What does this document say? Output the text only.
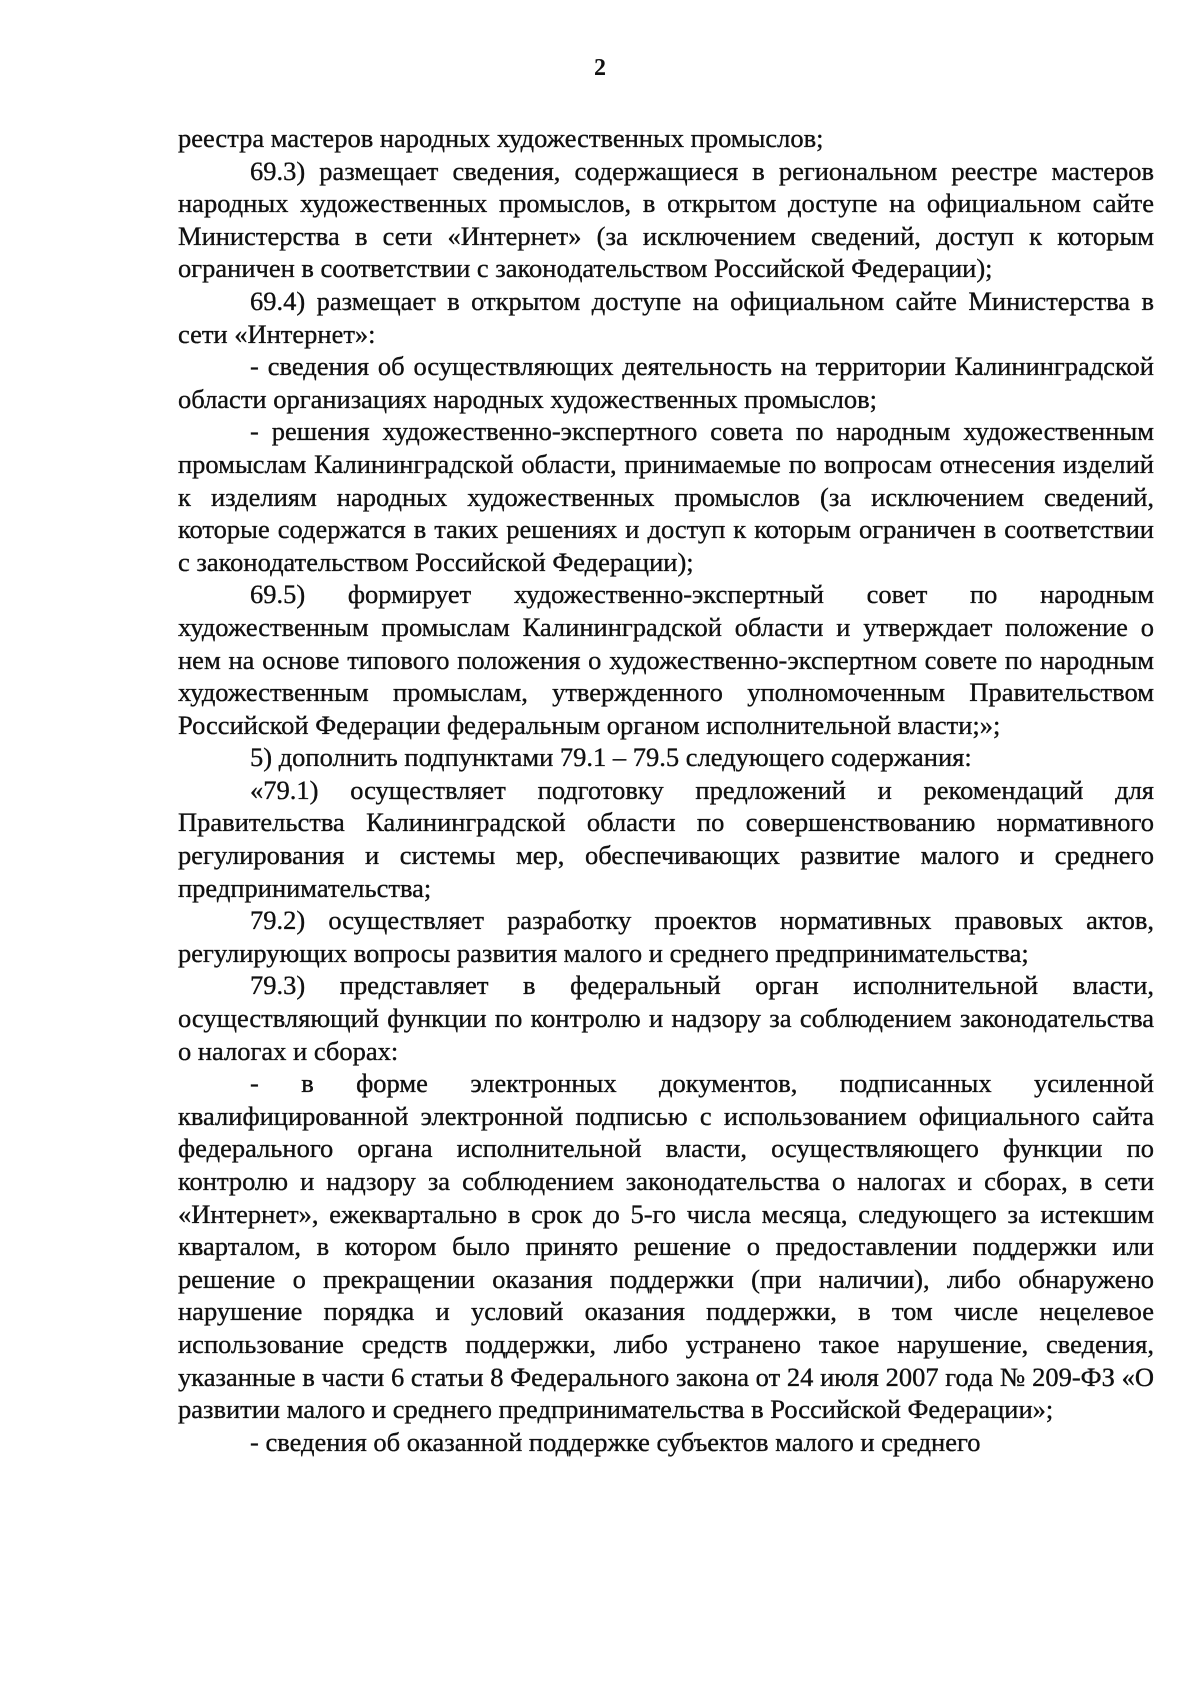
2

реестра мастеров народных художественных промыслов;

69.3) размещает сведения, содержащиеся в региональном реестре мастеров народных художественных промыслов, в открытом доступе на официальном сайте Министерства в сети «Интернет» (за исключением сведений, доступ к которым ограничен в соответствии с законодательством Российской Федерации);

69.4) размещает в открытом доступе на официальном сайте Министерства в сети «Интернет»:

- сведения об осуществляющих деятельность на территории Калининградской области организациях народных художественных промыслов;

- решения художественно-экспертного совета по народным художественным промыслам Калининградской области, принимаемые по вопросам отнесения изделий к изделиям народных художественных промыслов (за исключением сведений, которые содержатся в таких решениях и доступ к которым ограничен в соответствии с законодательством Российской Федерации);

69.5) формирует художественно-экспертный совет по народным художественным промыслам Калининградской области и утверждает положение о нем на основе типового положения о художественно-экспертном совете по народным художественным промыслам, утвержденного уполномоченным Правительством Российской Федерации федеральным органом исполнительной власти;»;

5) дополнить подпунктами 79.1 – 79.5 следующего содержания:

«79.1) осуществляет подготовку предложений и рекомендаций для Правительства Калининградской области по совершенствованию нормативного регулирования и системы мер, обеспечивающих развитие малого и среднего предпринимательства;

79.2) осуществляет разработку проектов нормативных правовых актов, регулирующих вопросы развития малого и среднего предпринимательства;

79.3) представляет в федеральный орган исполнительной власти, осуществляющий функции по контролю и надзору за соблюдением законодательства о налогах и сборах:

- в форме электронных документов, подписанных усиленной квалифицированной электронной подписью с использованием официального сайта федерального органа исполнительной власти, осуществляющего функции по контролю и надзору за соблюдением законодательства о налогах и сборах, в сети «Интернет», ежеквартально в срок до 5-го числа месяца, следующего за истекшим кварталом, в котором было принято решение о предоставлении поддержки или решение о прекращении оказания поддержки (при наличии), либо обнаружено нарушение порядка и условий оказания поддержки, в том числе нецелевое использование средств поддержки, либо устранено такое нарушение, сведения, указанные в части 6 статьи 8 Федерального закона от 24 июля 2007 года № 209-ФЗ «О развитии малого и среднего предпринимательства в Российской Федерации»;

- сведения об оказанной поддержке субъектов малого и среднего
